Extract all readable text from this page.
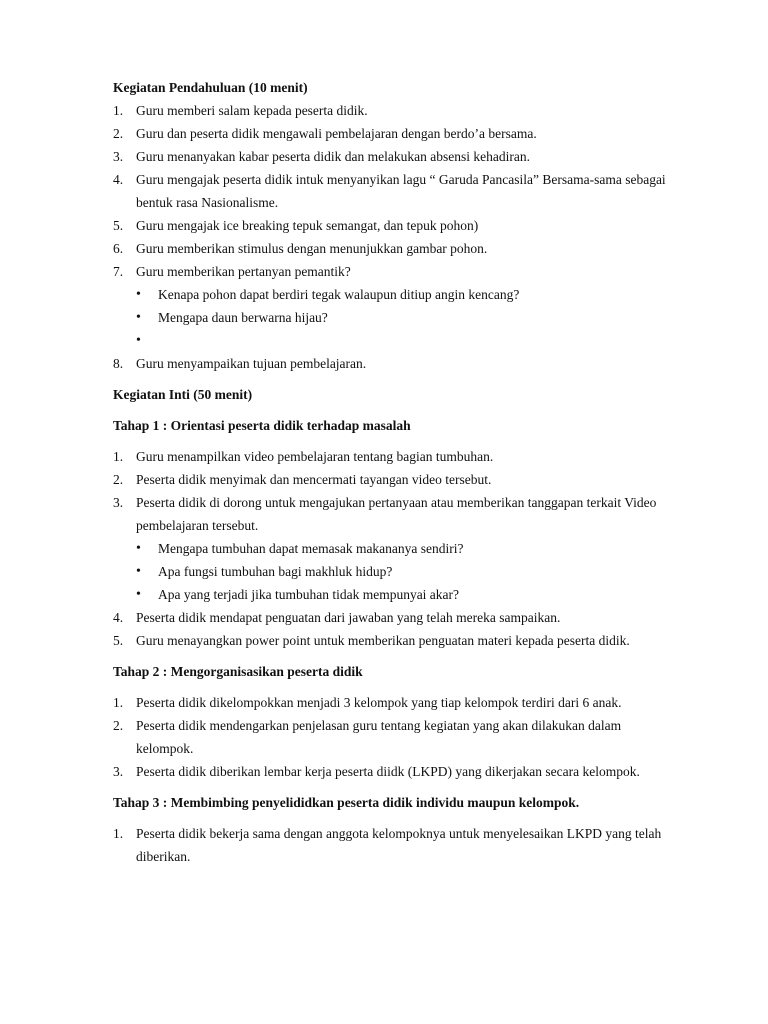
Kegiatan Pendahuluan (10 menit)
1. Guru memberi salam kepada peserta didik.
2. Guru dan peserta didik mengawali pembelajaran dengan berdo’a bersama.
3. Guru menanyakan kabar peserta didik dan melakukan absensi kehadiran.
4. Guru mengajak peserta didik intuk menyanyikan lagu “ Garuda Pancasila” Bersama-sama sebagai bentuk rasa Nasionalisme.
5. Guru mengajak ice breaking tepuk semangat, dan tepuk pohon)
6. Guru memberikan stimulus dengan menunjukkan gambar pohon.
7. Guru memberikan pertanyan pemantik?
• Kenapa pohon dapat berdiri tegak walaupun ditiup angin kencang?
• Mengapa daun berwarna hijau?
•
8. Guru menyampaikan tujuan pembelajaran.
Kegiatan Inti (50 menit)
Tahap 1 : Orientasi peserta didik terhadap masalah
1. Guru menampilkan video pembelajaran tentang bagian tumbuhan.
2. Peserta didik menyimak dan mencermati tayangan video tersebut.
3. Peserta didik di dorong untuk mengajukan pertanyaan atau memberikan tanggapan terkait Video pembelajaran tersebut.
• Mengapa tumbuhan dapat memasak makananya sendiri?
• Apa fungsi tumbuhan bagi makhluk hidup?
• Apa yang terjadi jika tumbuhan tidak mempunyai akar?
4. Peserta didik mendapat penguatan dari jawaban yang telah mereka sampaikan.
5. Guru menayangkan power point untuk memberikan penguatan materi kepada peserta didik.
Tahap 2 : Mengorganisasikan peserta didik
1. Peserta didik dikelompokkan menjadi 3 kelompok yang tiap kelompok terdiri dari 6 anak.
2. Peserta didik mendengarkan penjelasan guru tentang kegiatan yang akan dilakukan dalam kelompok.
3. Peserta didik diberikan lembar kerja peserta diidk (LKPD) yang dikerjakan secara kelompok.
Tahap 3 : Membimbing penyelididkan peserta didik individu maupun kelompok.
1. Peserta didik bekerja sama dengan anggota kelompoknya untuk menyelesaikan LKPD yang telah diberikan.
